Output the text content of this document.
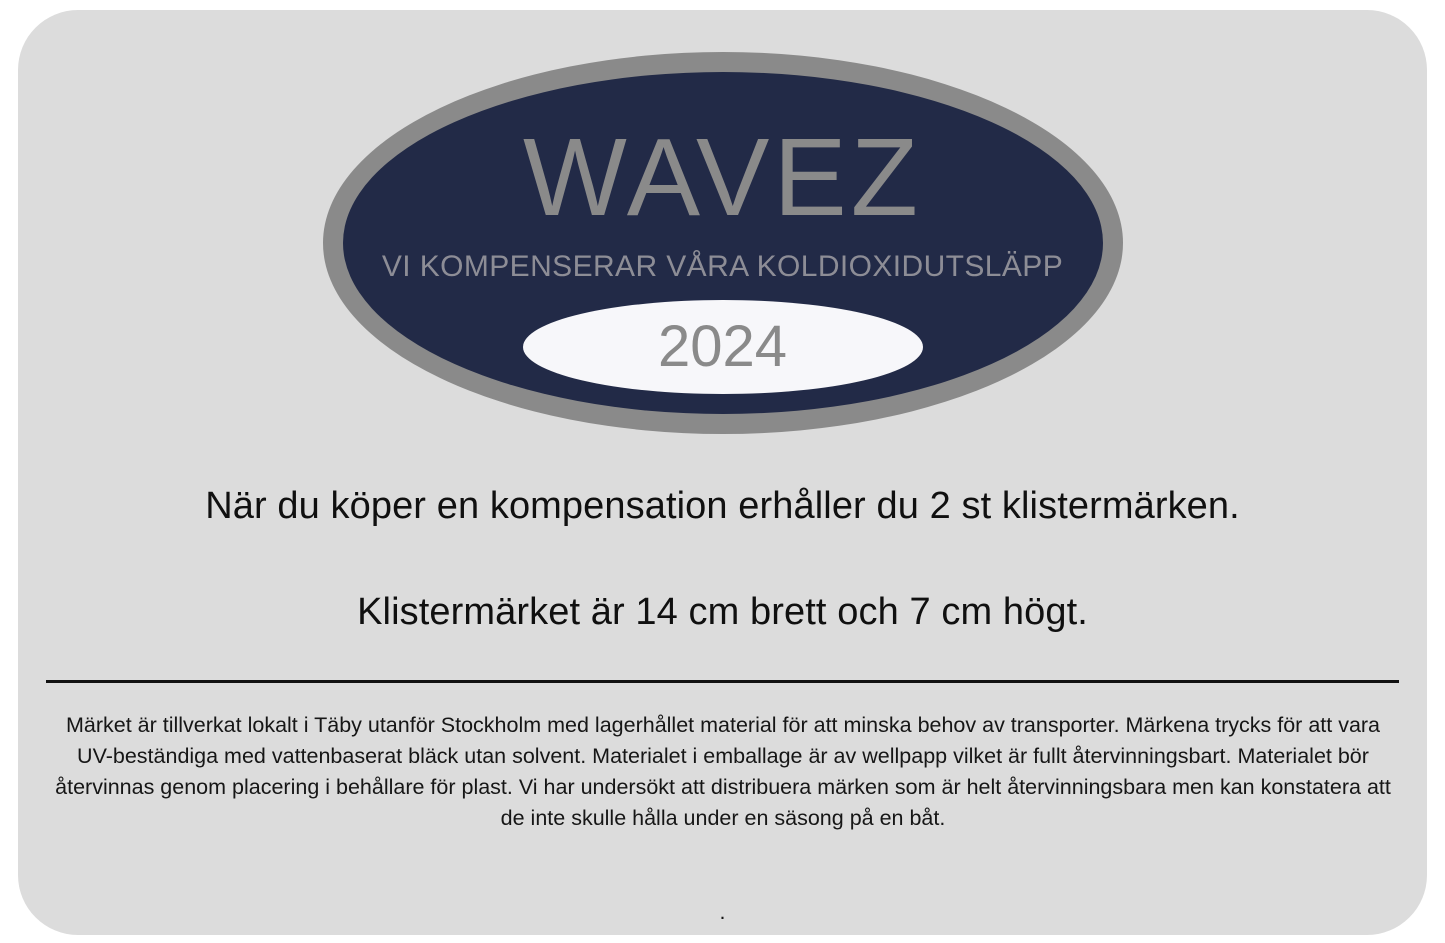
WAVEZ
VI KOMPENSERAR VÅRA KOLDIOXIDUTSLÄPP
2024
När du köper en kompensation erhåller du 2 st klistermärken.
Klistermärket är 14 cm brett och 7 cm högt.
Märket är tillverkat lokalt i Täby utanför Stockholm med lagerhållet material för att minska behov av transporter. Märkena trycks för att vara UV-beständiga med vattenbaserat bläck utan solvent. Materialet i emballage är av wellpapp vilket är fullt återvinningsbart. Materialet bör återvinnas genom placering i behållare för plast. Vi har undersökt att distribuera märken som är helt återvinningsbara men kan konstatera att de inte skulle hålla under en säsong på en båt.
.
